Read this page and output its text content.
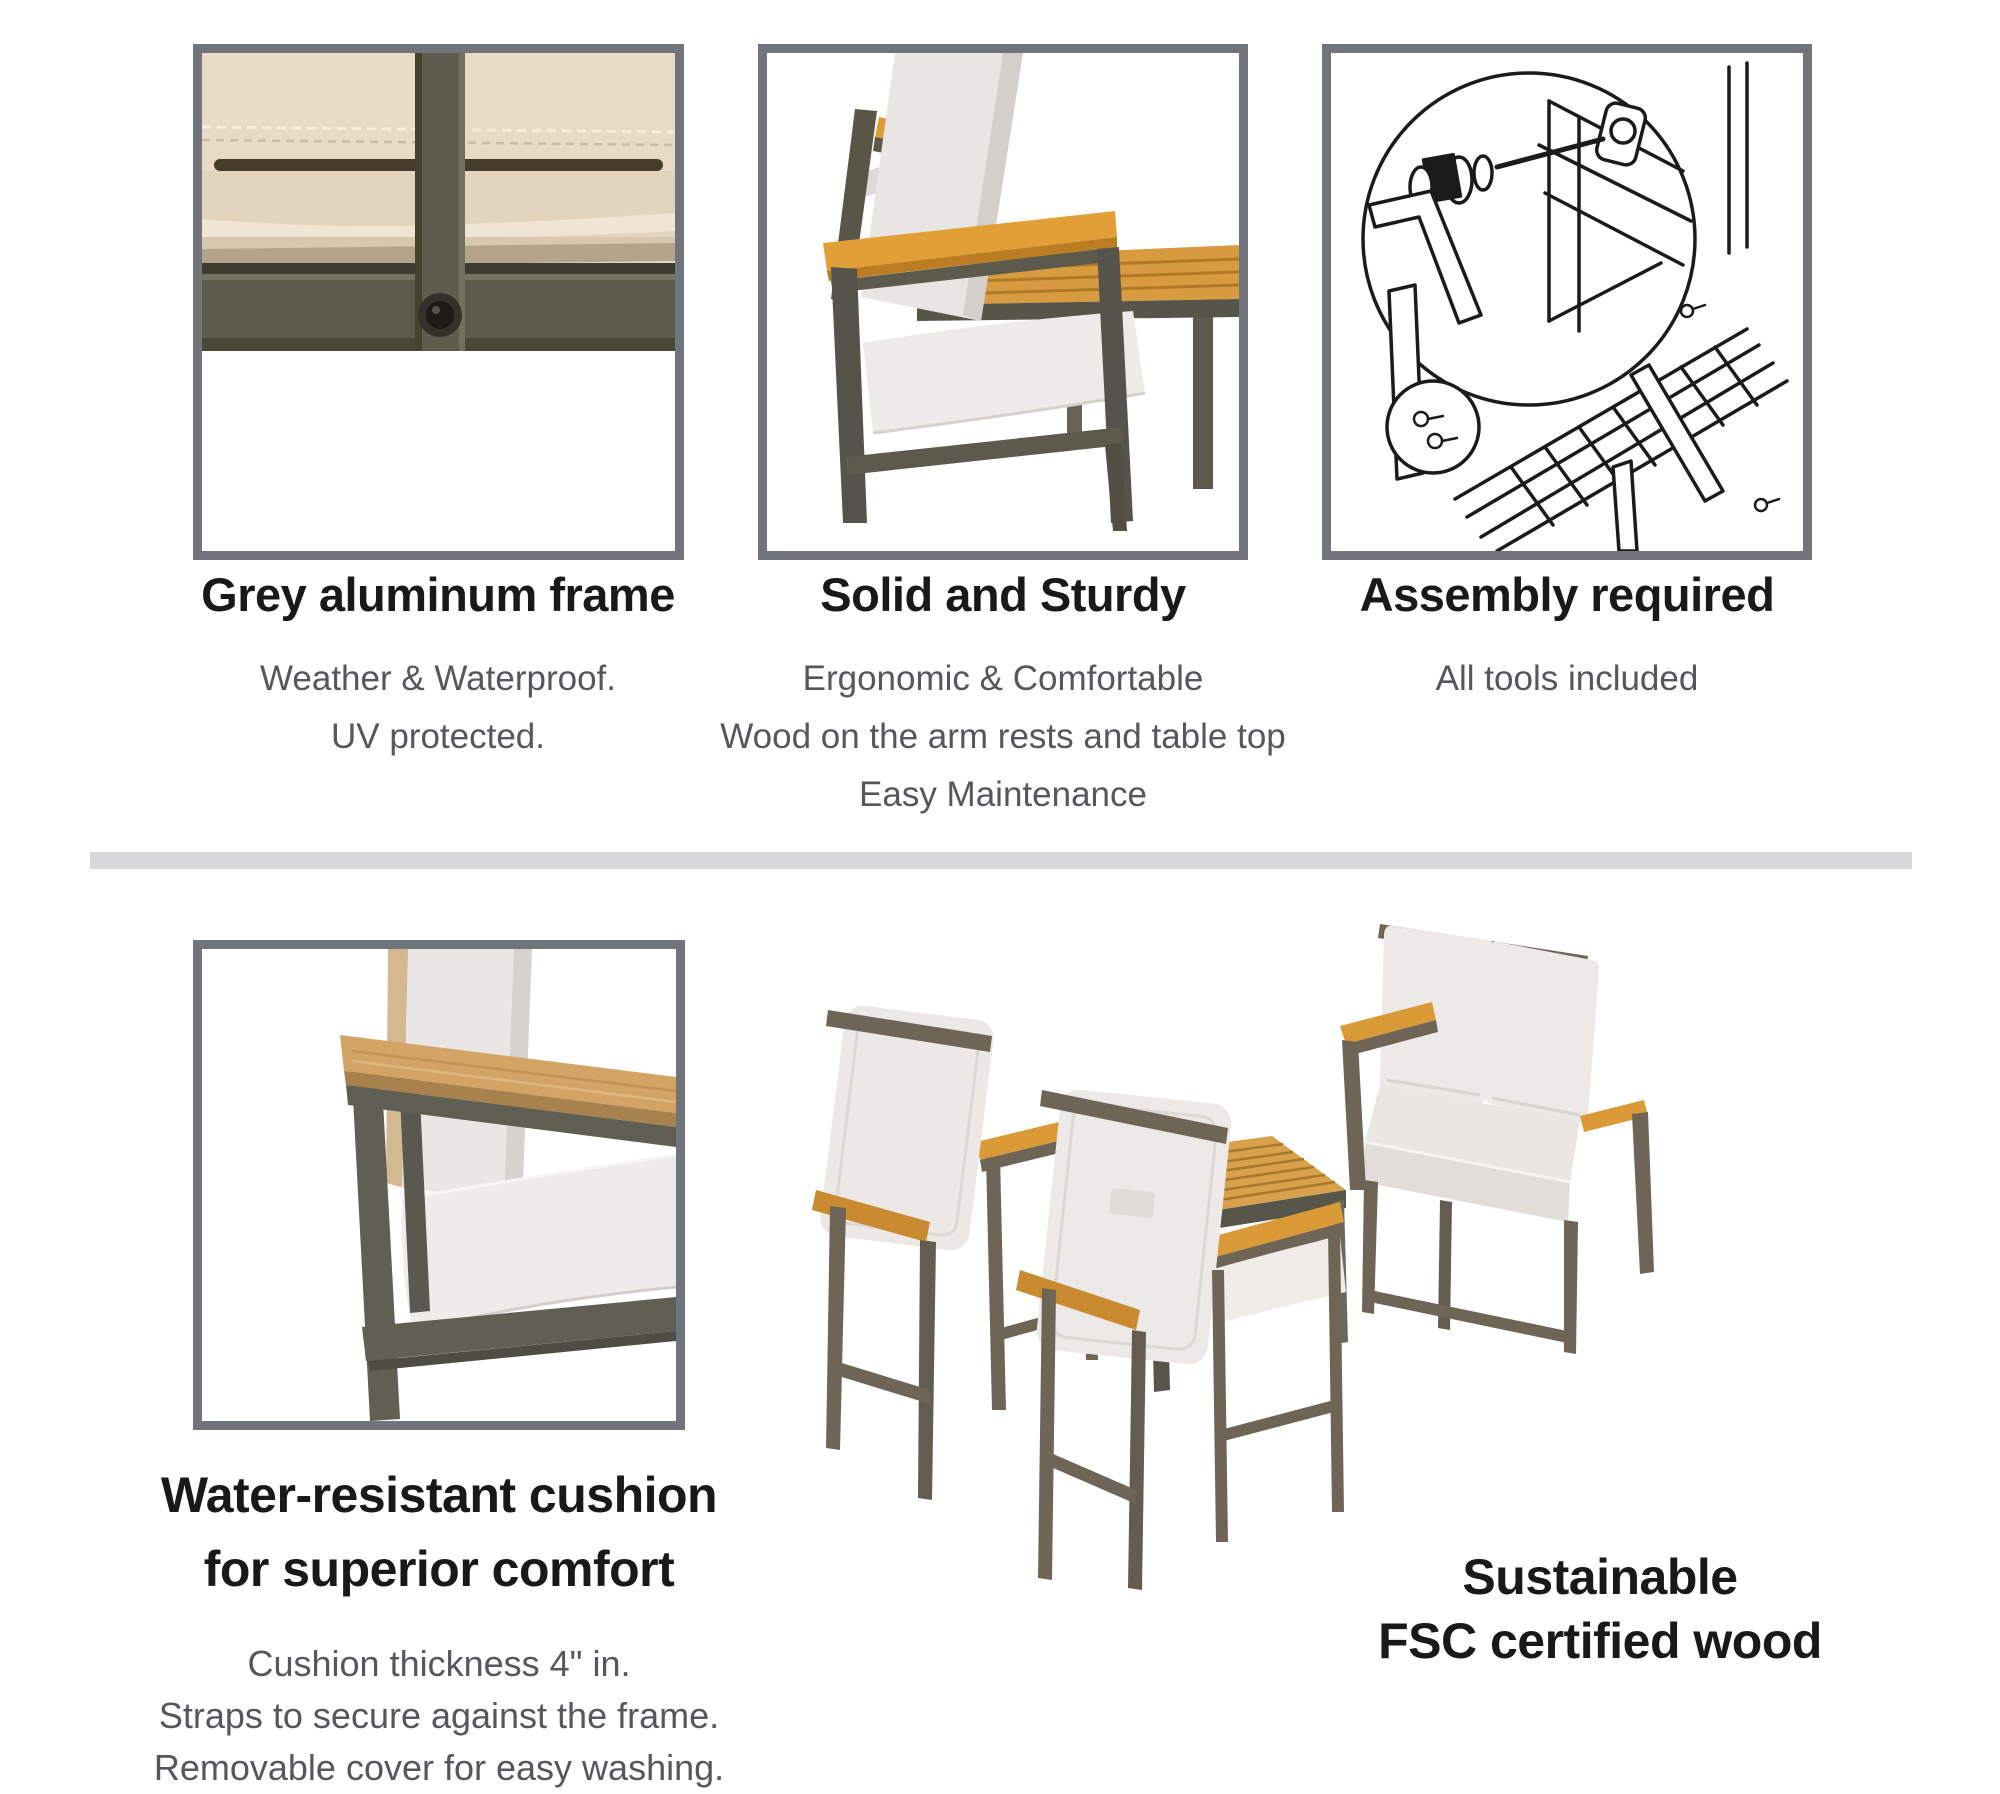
Grey aluminum frame
Weather & Waterproof.
UV protected.
Solid and Sturdy
Ergonomic & Comfortable
Wood on the arm rests and table top
Easy Maintenance
Assembly required
All tools included
Water-resistant cushion
for superior comfort
Cushion thickness 4" in.
Straps to secure against the frame.
Removable cover for easy washing.
Sustainable
FSC certified wood
